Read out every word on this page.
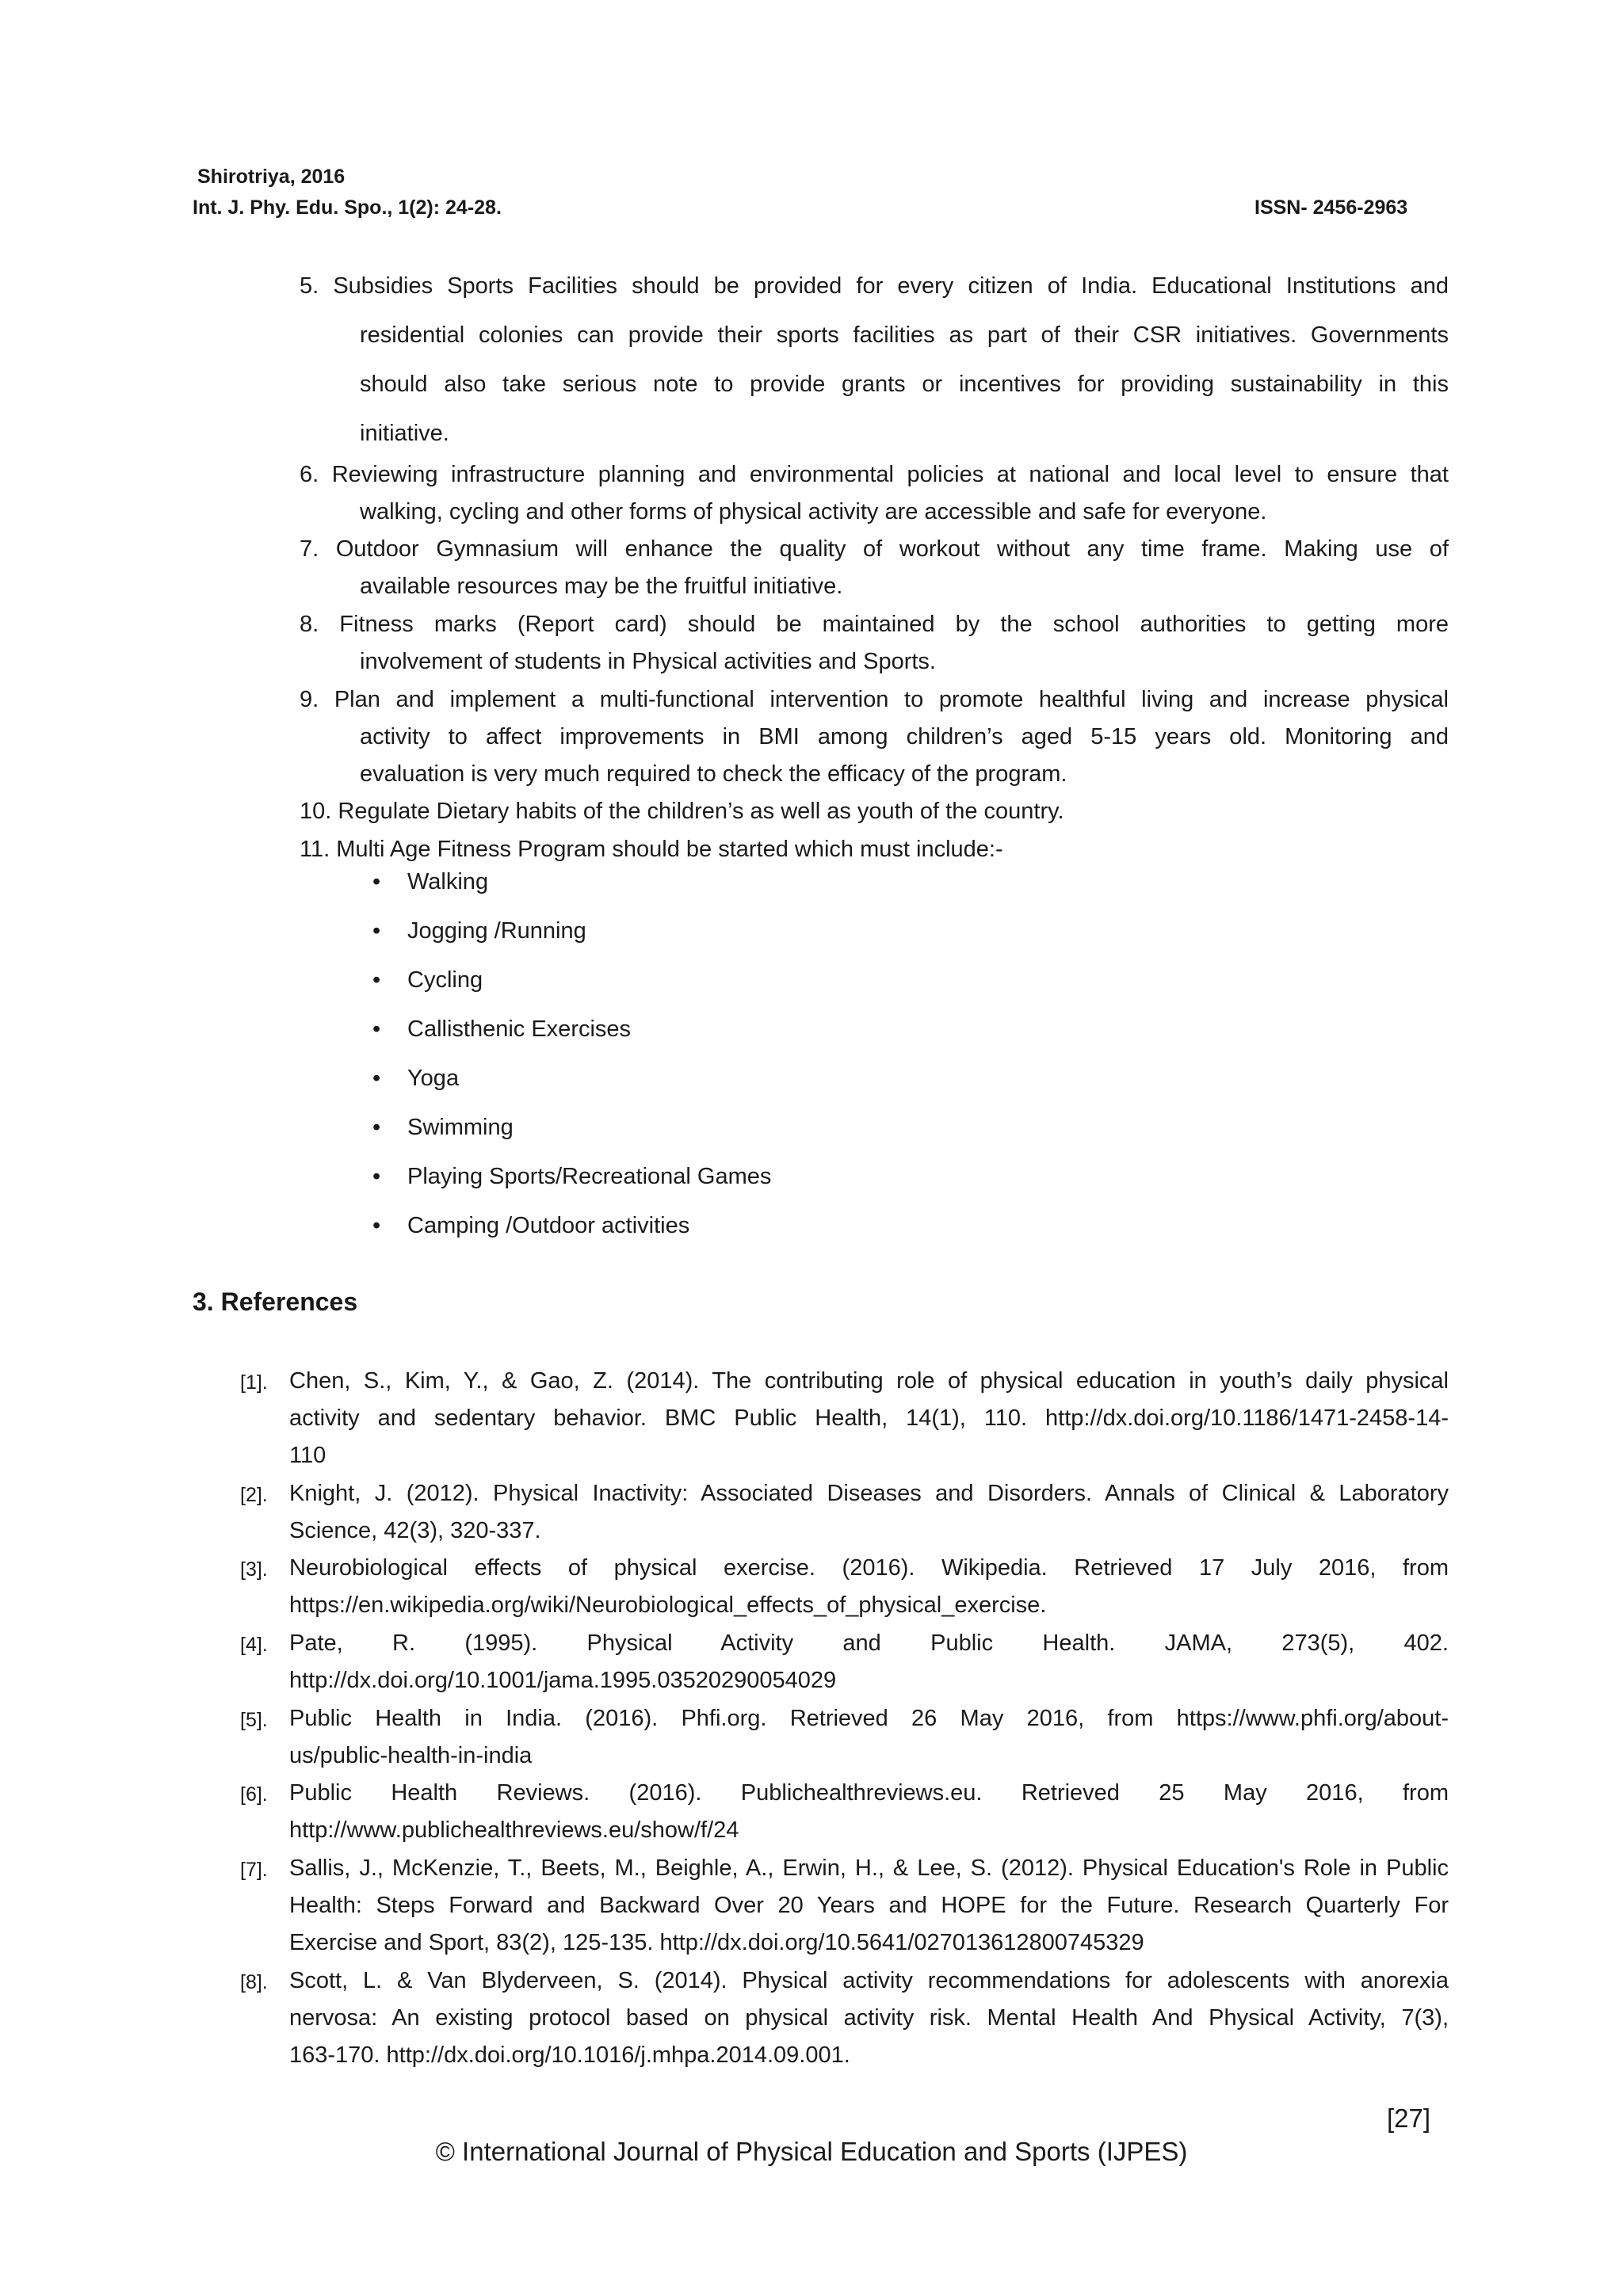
Shirotriya, 2016
Int. J. Phy. Edu. Spo., 1(2): 24-28.	ISSN- 2456-2963
5. Subsidies Sports Facilities should be provided for every citizen of India. Educational Institutions and
residential colonies can provide their sports facilities as part of their CSR initiatives. Governments
should also take serious note to provide grants or incentives for providing sustainability in this
initiative.
6. Reviewing infrastructure planning and environmental policies at national and local level to ensure that
walking, cycling and other forms of physical activity are accessible and safe for everyone.
7. Outdoor Gymnasium will enhance the quality of workout without any time frame. Making use of
available resources may be the fruitful initiative.
8. Fitness marks (Report card) should be maintained by the school authorities to getting more
involvement of students in Physical activities and Sports.
9. Plan and implement a multi-functional intervention to promote healthful living and increase physical
activity to affect improvements in BMI among children’s aged 5-15 years old. Monitoring and
evaluation is very much required to check the efficacy of the program.
10. Regulate Dietary habits of the children’s as well as youth of the country.
11. Multi Age Fitness Program should be started which must include:-
• Walking
• Jogging /Running
• Cycling
• Callisthenic Exercises
• Yoga
• Swimming
• Playing Sports/Recreational Games
• Camping /Outdoor activities
3. References
[1]. Chen, S., Kim, Y., & Gao, Z. (2014). The contributing role of physical education in youth’s daily physical
activity and sedentary behavior. BMC Public Health, 14(1), 110. http://dx.doi.org/10.1186/1471-2458-14-
110
[2]. Knight, J. (2012). Physical Inactivity: Associated Diseases and Disorders. Annals of Clinical & Laboratory
Science, 42(3), 320-337.
[3]. Neurobiological effects of physical exercise. (2016). Wikipedia. Retrieved 17 July 2016, from
https://en.wikipedia.org/wiki/Neurobiological_effects_of_physical_exercise.
[4]. Pate, R. (1995). Physical Activity and Public Health. JAMA, 273(5), 402.
http://dx.doi.org/10.1001/jama.1995.03520290054029
[5]. Public Health in India. (2016). Phfi.org. Retrieved 26 May 2016, from https://www.phfi.org/about-
us/public-health-in-india
[6]. Public Health Reviews. (2016). Publichealthreviews.eu. Retrieved 25 May 2016, from
http://www.publichealthreviews.eu/show/f/24
[7]. Sallis, J., McKenzie, T., Beets, M., Beighle, A., Erwin, H., & Lee, S. (2012). Physical Education's Role in Public
Health: Steps Forward and Backward Over 20 Years and HOPE for the Future. Research Quarterly For
Exercise and Sport, 83(2), 125-135. http://dx.doi.org/10.5641/027013612800745329
[8]. Scott, L. & Van Blyderveen, S. (2014). Physical activity recommendations for adolescents with anorexia
nervosa: An existing protocol based on physical activity risk. Mental Health And Physical Activity, 7(3),
163-170. http://dx.doi.org/10.1016/j.mhpa.2014.09.001.
[27]
© International Journal of Physical Education and Sports (IJPES)
